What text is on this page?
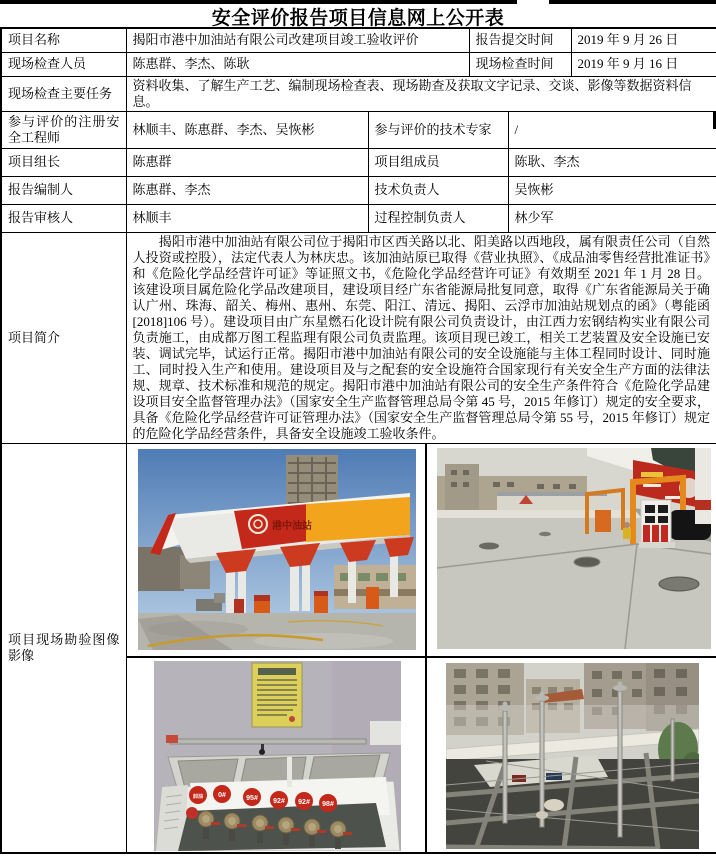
安全评价报告项目信息网上公开表
项目名称	揭阳市港中加油站有限公司改建项目竣工验收评价		报告提交时间		2019 年 9 月 26 日
现场检查人员	陈惠群、李杰、陈耿		现场检查时间		2019 年 9 月 16 日
现场检查主要任务	资料收集、了解生产工艺、编制现场检查表、现场勘查及获取文字记录、交谈、影像等数据资料信息。				
参与评价的注册安全工程师	林顺丰、陈惠群、李杰、吴恢彬	参与评价的技术专家		/	
项目组长	陈惠群	项目组成员		陈耿、李杰	
报告编制人	陈惠群、李杰	技术负责人		吴恢彬	
报告审核人	林顺丰	过程控制负责人		林少军	
项目简介	　　揭阳市港中加油站有限公司位于揭阳市区西关路以北、阳美路以西地段，属有限责任公司（自然人投资或控股），法定代表人为林庆忠。该加油站原已取得《营业执照》、《成品油零售经营批准证书》和《危险化学品经营许可证》等证照文书，《危险化学品经营许可证》有效期至 2021 年 1 月 28 日。该建设项目属危险化学品改建项目，建设项目经广东省能源局批复同意，取得《广东省能源局关于确认广州、珠海、韶关、梅州、惠州、东莞、阳江、清远、揭阳、云浮市加油站规划点的函》（粤能函[2018]106 号）。建设项目由广东星燃石化设计院有限公司负责设计，由江西力宏钢结构实业有限公司负责施工，由成都万图工程监理有限公司负责监理。该项目现已竣工，相关工艺装置及安全设施已安装、调试完毕，试运行正常。揭阳市港中加油站有限公司的安全设施能与主体工程同时设计、同时施工、同时投入生产和使用。建设项目及与之配套的安全设施符合国家现行有关安全生产方面的法律法规、规章、技术标准和规范的规定。揭阳市港中加油站有限公司的安全生产条件符合《危险化学品建设项目安全监督管理办法》（国家安全生产监督管理总局令第 45 号，2015 年修订）规定的安全要求，具备《危险化学品经营许可证管理办法》（国家安全生产监督管理总局令第 55 号，2015 年修订）规定的危险化学品经营条件，具备安全设施竣工验收条件。				
项目现场勘验图像影像	
港中油站
卸油 0#	95# 92# 92# 98#
